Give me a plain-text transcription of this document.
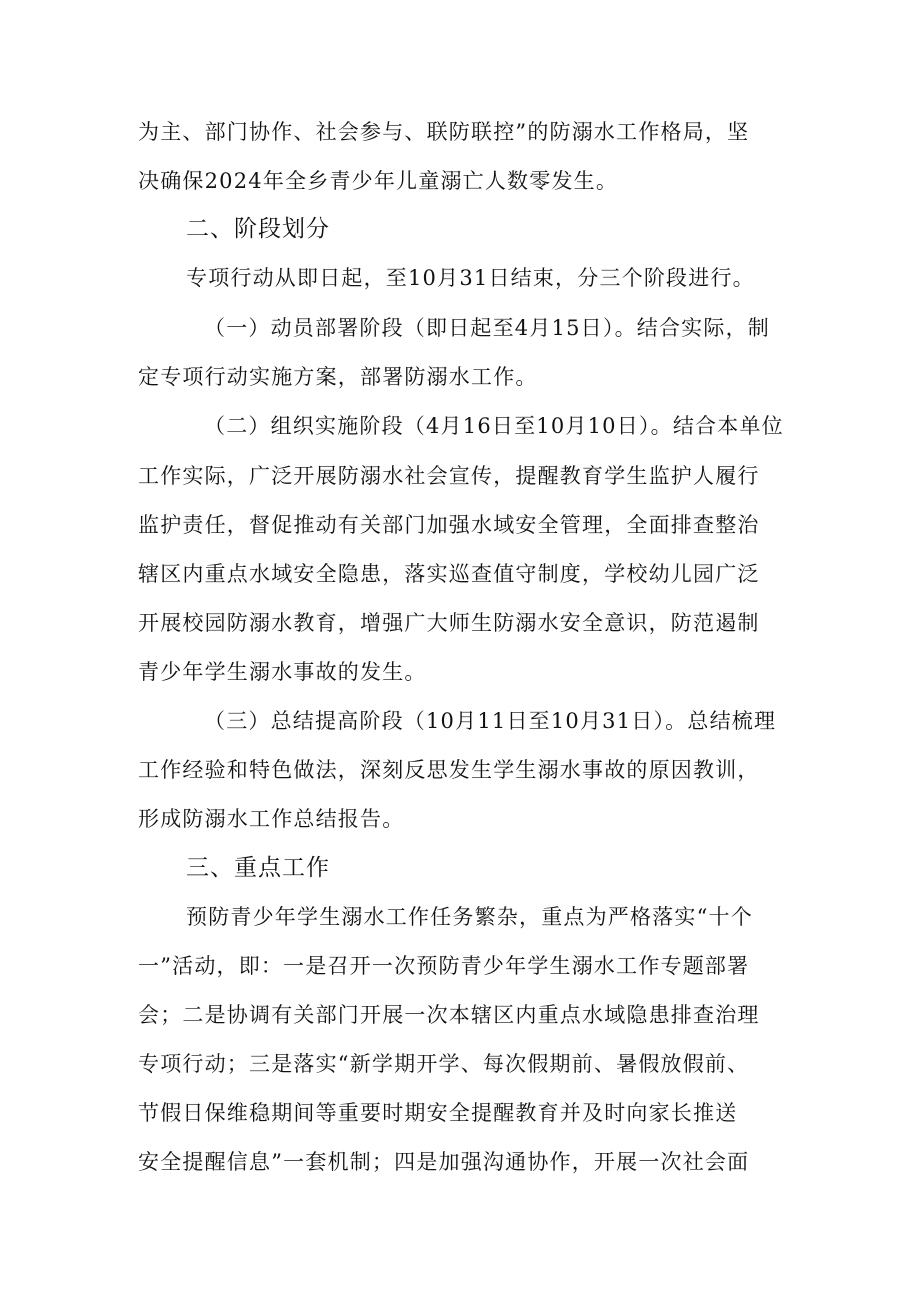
为主、部门协作、社会参与、联防联控”的防溺水工作格局，坚
决确保2024年全乡青少年儿童溺亡人数零发生。
二、阶段划分
专项行动从即日起，至10月31日结束，分三个阶段进行。
（一）动员部署阶段（即日起至4月15日）。结合实际，制
定专项行动实施方案，部署防溺水工作。
（二）组织实施阶段（4月16日至10月10日）。结合本单位
工作实际，广泛开展防溺水社会宣传，提醒教育学生监护人履行
监护责任，督促推动有关部门加强水域安全管理，全面排查整治
辖区内重点水域安全隐患，落实巡查值守制度，学校幼儿园广泛
开展校园防溺水教育，增强广大师生防溺水安全意识，防范遏制
青少年学生溺水事故的发生。
（三）总结提高阶段（10月11日至10月31日）。总结梳理
工作经验和特色做法，深刻反思发生学生溺水事故的原因教训，
形成防溺水工作总结报告。
三、重点工作
预防青少年学生溺水工作任务繁杂，重点为严格落实“十个
一”活动，即：一是召开一次预防青少年学生溺水工作专题部署
会；二是协调有关部门开展一次本辖区内重点水域隐患排查治理
专项行动；三是落实“新学期开学、每次假期前、暑假放假前、
节假日保维稳期间等重要时期安全提醒教育并及时向家长推送
安全提醒信息”一套机制；四是加强沟通协作，开展一次社会面
